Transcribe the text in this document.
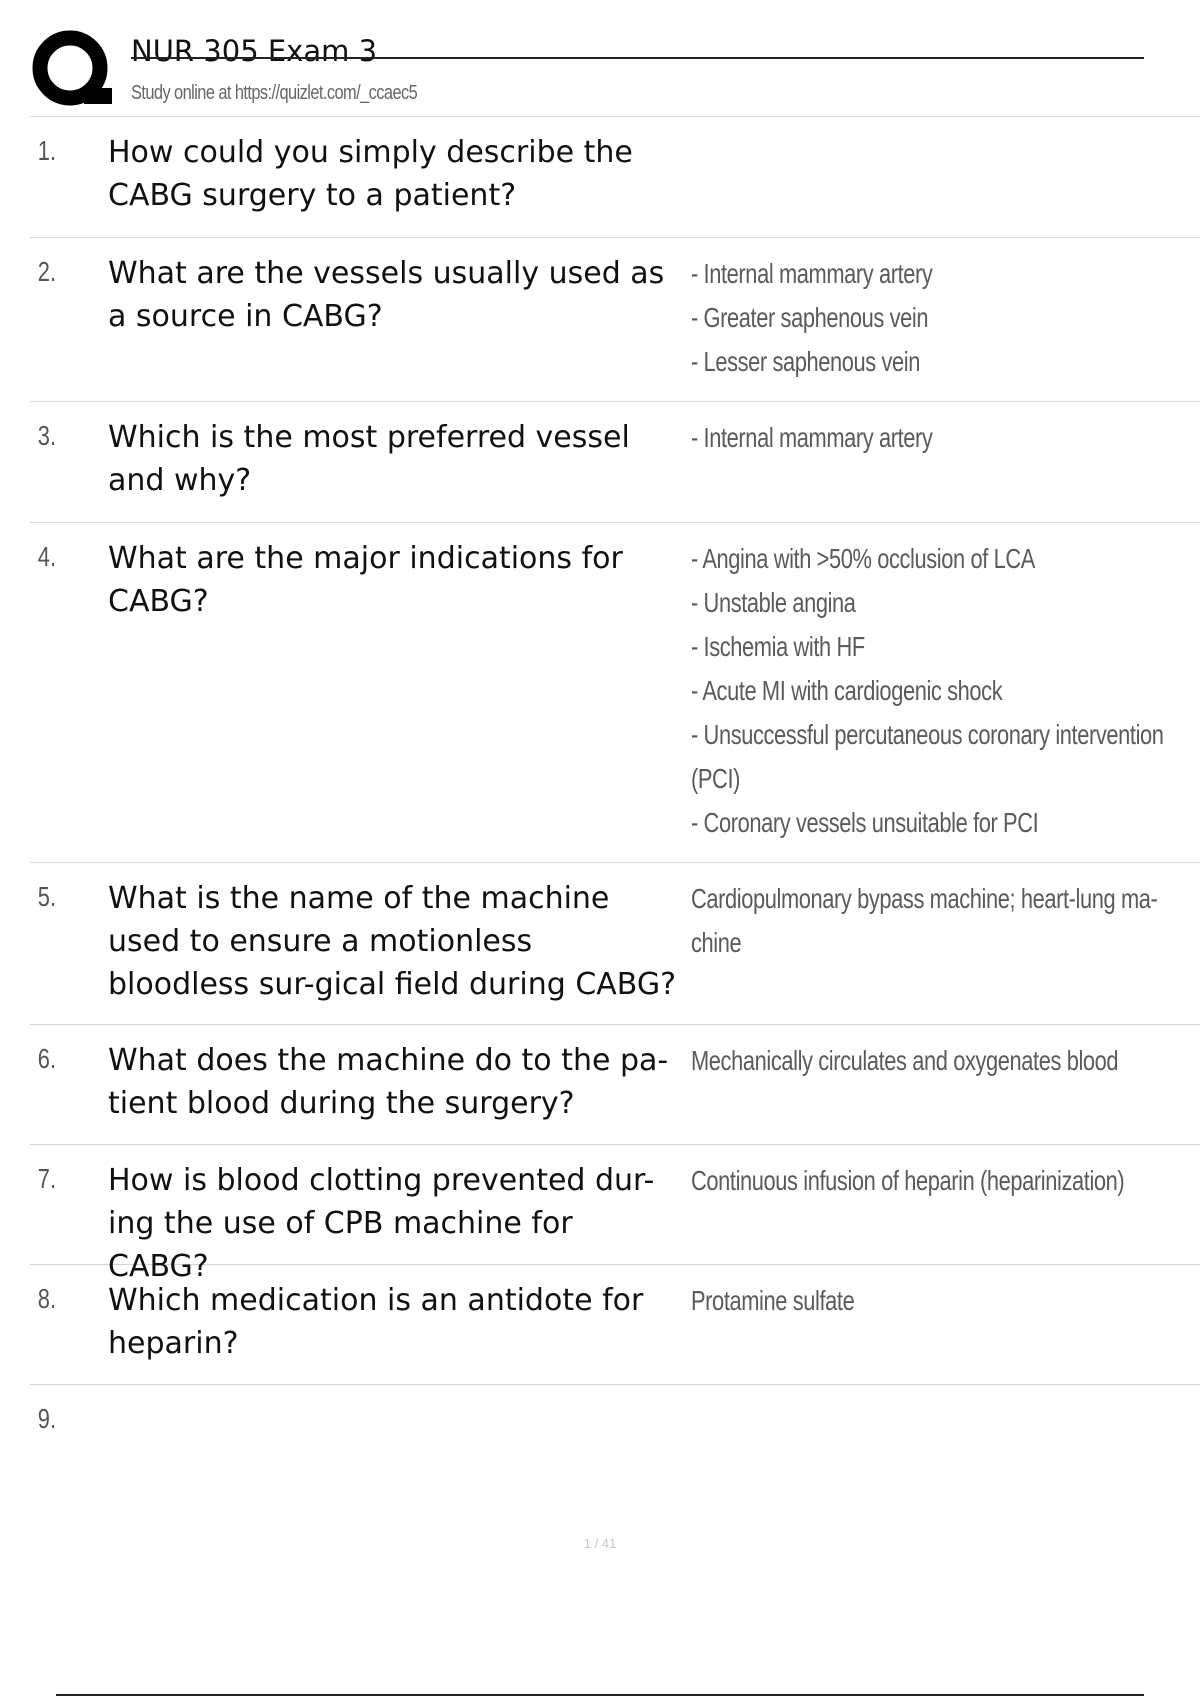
NUR 305 Exam 3
Study online at https://quizlet.com/_ccaec5
1.	How could you simply describe the CABG surgery to a patient?
2.	What are the vessels usually used as a source in CABG?
- Internal mammary artery
- Greater saphenous vein
- Lesser saphenous vein
3.	Which is the most preferred vessel and why?
- Internal mammary artery
4.	What are the major indications for CABG?
- Angina with >50% occlusion of LCA
- Unstable angina
- Ischemia with HF
- Acute MI with cardiogenic shock
- Unsuccessful percutaneous coronary intervention
(PCI)
- Coronary vessels unsuitable for PCI
5.	What is the name of the machine used to ensure a motionless bloodless sur-gical field during CABG?
Cardiopulmonary bypass machine; heart-lung ma-
chine
6.	What does the machine do to the pa-tient blood during the surgery?
Mechanically circulates and oxygenates blood
7.	How is blood clotting prevented dur-ing the use of CPB machine for CABG?
Continuous infusion of heparin (heparinization)
8.	Which medication is an antidote for heparin?
Protamine sulfate
9.
1 / 41
